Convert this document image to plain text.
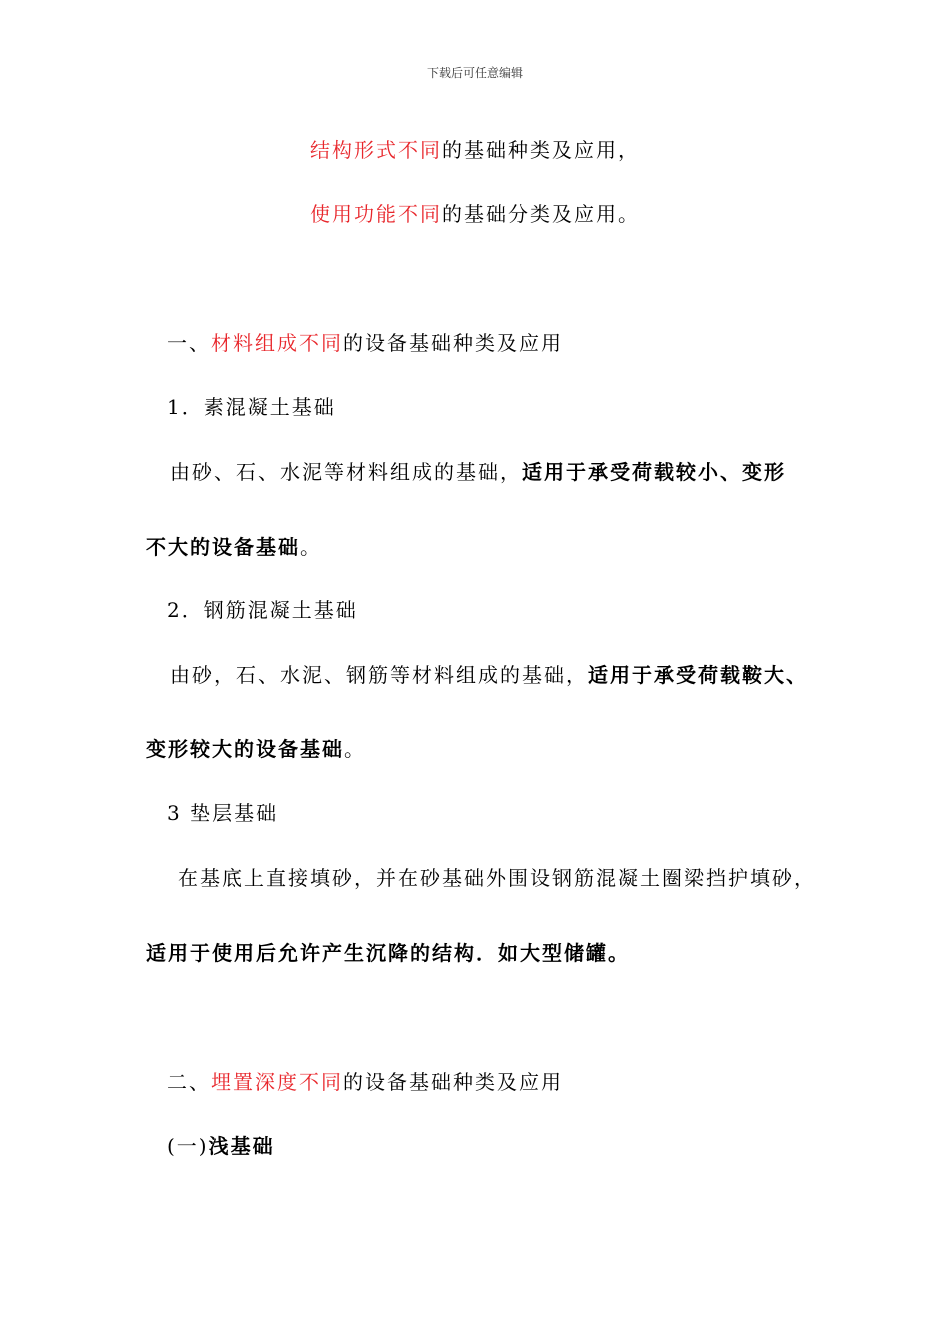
下载后可任意编辑
结构形式不同的基础种类及应用，
使用功能不同的基础分类及应用。
一、材料组成不同的设备基础种类及应用
1．素混凝土基础
由砂、石、水泥等材料组成的基础，适用于承受荷载较小、变形
不大的设备基础。
2．钢筋混凝土基础
由砂，石、水泥、钢筋等材料组成的基础，适用于承受荷载鞍大、
变形较大的设备基础。
3 垫层基础
在基底上直接填砂，并在砂基础外围设钢筋混凝土圈梁挡护填砂，
适用于使用后允许产生沉降的结构．如大型储罐。
二、埋置深度不同的设备基础种类及应用
(一)浅基础
